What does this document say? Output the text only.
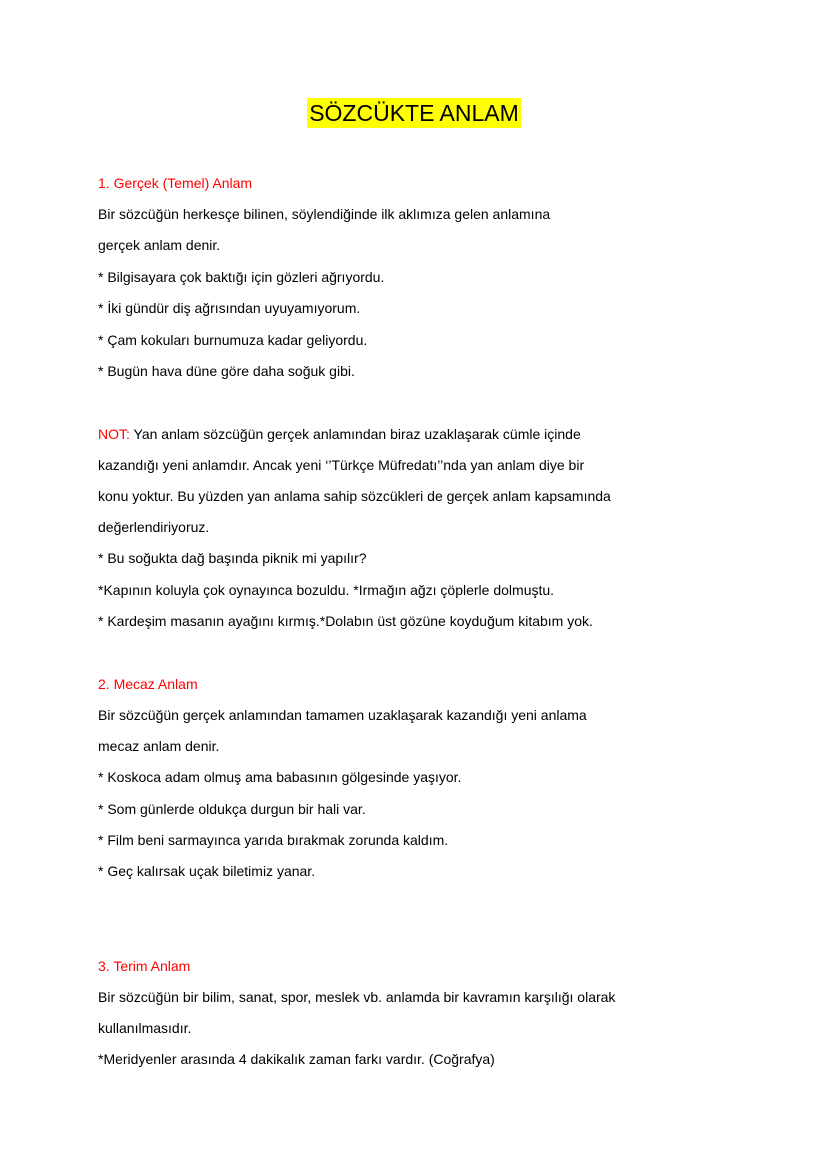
SÖZCÜKTE ANLAM
1. Gerçek (Temel) Anlam
Bir sözcüğün herkesçe bilinen, söylendiğinde ilk aklımıza gelen anlamına
gerçek anlam denir.
* Bilgisayara çok baktığı için gözleri ağrıyordu.
* İki gündür diş ağrısından uyuyamıyorum.
* Çam kokuları burnumuza kadar geliyordu.
* Bugün hava düne göre daha soğuk gibi.
NOT: Yan anlam sözcüğün gerçek anlamından biraz uzaklaşarak cümle içinde
kazandığı yeni anlamdır. Ancak yeni ‘’Türkçe Müfredatı’’nda yan anlam diye bir
konu yoktur. Bu yüzden yan anlama sahip sözcükleri de gerçek anlam kapsamında
değerlendiriyoruz.
* Bu soğukta dağ başında piknik mi yapılır?
*Kapının koluyla çok oynayınca bozuldu. *Irmağın ağzı çöplerle dolmuştu.
* Kardeşim masanın ayağını kırmış.*Dolabın üst gözüne koyduğum kitabım yok.
2. Mecaz Anlam
Bir sözcüğün gerçek anlamından tamamen uzaklaşarak kazandığı yeni anlama
mecaz anlam denir.
* Koskoca adam olmuş ama babasının gölgesinde yaşıyor.
* Som günlerde oldukça durgun bir hali var.
* Film beni sarmayınca yarıda bırakmak zorunda kaldım.
* Geç kalırsak uçak biletimiz yanar.
3. Terim Anlam
Bir sözcüğün bir bilim, sanat, spor, meslek vb. anlamda bir kavramın karşılığı olarak
kullanılmasıdır.
*Meridyenler arasında 4 dakikalık zaman farkı vardır. (Coğrafya)
